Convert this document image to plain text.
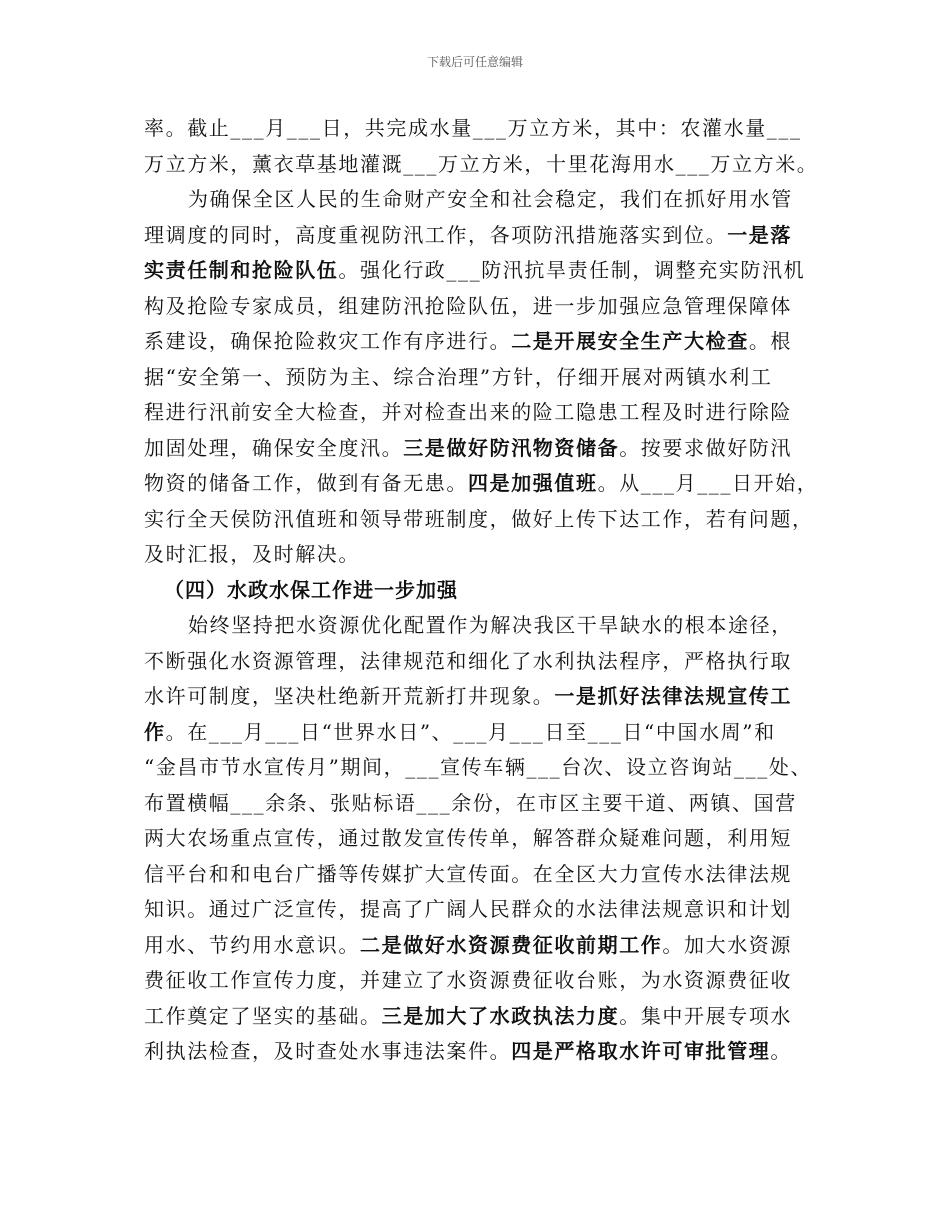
下载后可任意编辑
率。截止___月___日，共完成水量___万立方米，其中：农灌水量___
万立方米，薰衣草基地灌溉___万立方米，十里花海用水___万立方米。
为确保全区人民的生命财产安全和社会稳定，我们在抓好用水管
理调度的同时，高度重视防汛工作，各项防汛措施落实到位。一是落
实责任制和抢险队伍。强化行政___防汛抗旱责任制，调整充实防汛机
构及抢险专家成员，组建防汛抢险队伍，进一步加强应急管理保障体
系建设，确保抢险救灾工作有序进行。二是开展安全生产大检查。根
据“安全第一、预防为主、综合治理”方针，仔细开展对两镇水利工
程进行汛前安全大检查，并对检查出来的险工隐患工程及时进行除险
加固处理，确保安全度汛。三是做好防汛物资储备。按要求做好防汛
物资的储备工作，做到有备无患。四是加强值班。从___月___日开始，
实行全天侯防汛值班和领导带班制度，做好上传下达工作，若有问题，
及时汇报，及时解决。
（四）水政水保工作进一步加强
始终坚持把水资源优化配置作为解决我区干旱缺水的根本途径，
不断强化水资源管理，法律规范和细化了水利执法程序，严格执行取
水许可制度，坚决杜绝新开荒新打井现象。一是抓好法律法规宣传工
作。在___月___日“世界水日”、___月___日至___日“中国水周”和
“金昌市节水宣传月”期间，___宣传车辆___台次、设立咨询站___处、
布置横幅___余条、张贴标语___余份，在市区主要干道、两镇、国营
两大农场重点宣传，通过散发宣传传单，解答群众疑难问题，利用短
信平台和和电台广播等传媒扩大宣传面。在全区大力宣传水法律法规
知识。通过广泛宣传，提高了广阔人民群众的水法律法规意识和计划
用水、节约用水意识。二是做好水资源费征收前期工作。加大水资源
费征收工作宣传力度，并建立了水资源费征收台账，为水资源费征收
工作奠定了坚实的基础。三是加大了水政执法力度。集中开展专项水
利执法检查，及时查处水事违法案件。四是严格取水许可审批管理。
